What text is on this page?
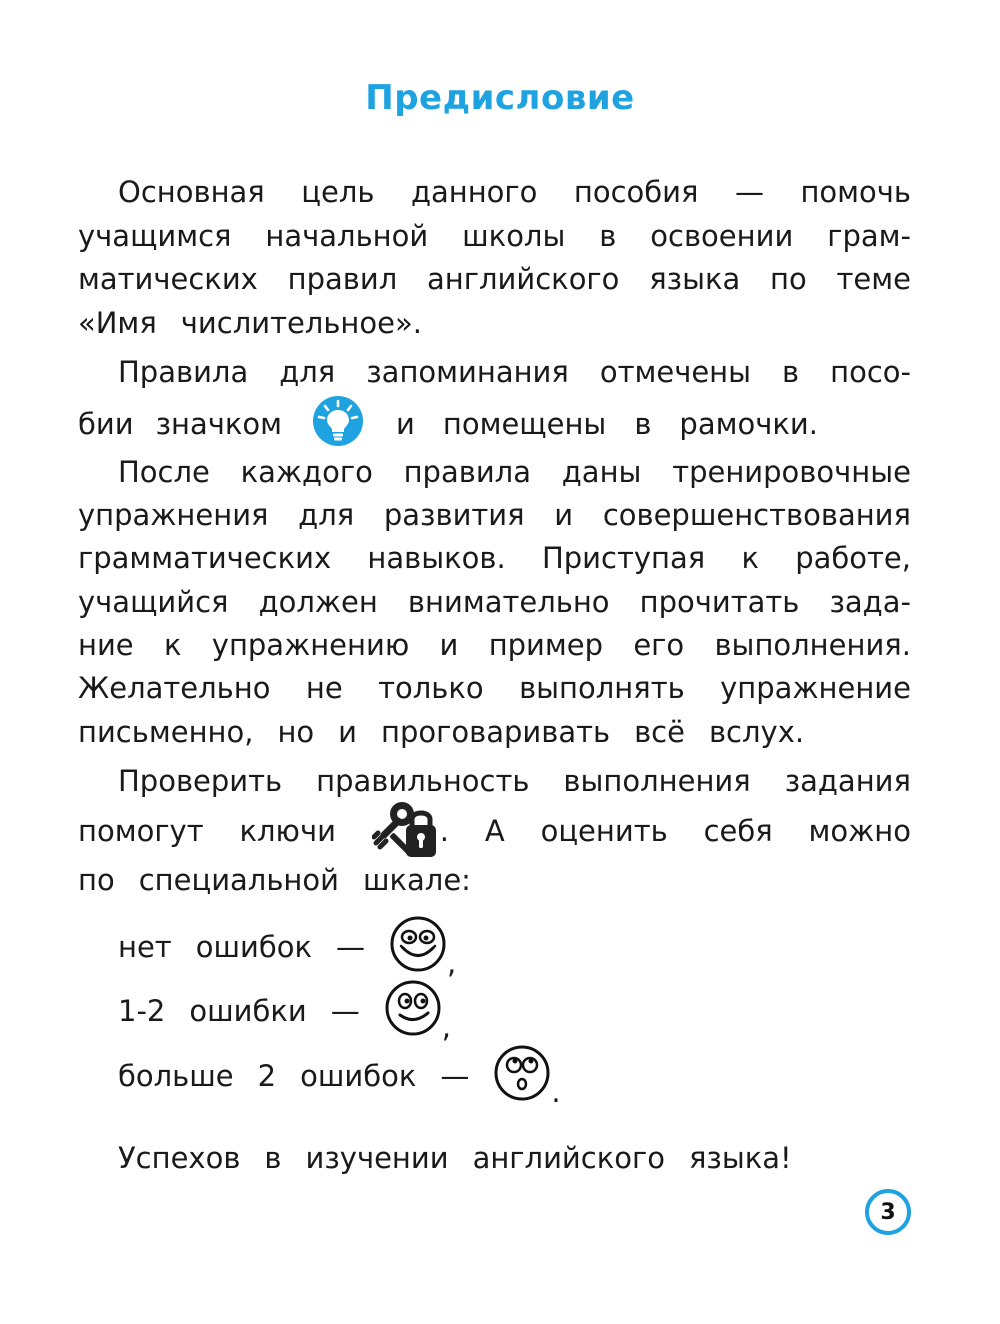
Предисловие
Основная цель данного пособия — помочь
учащимся начальной школы в освоении грам-
матических правил английского языка по теме
«Имя числительное».
Правила для запоминания отмечены в посо-
бии значком	и помещены в рамочки.
После каждого правила даны тренировочные
упражнения для развития и совершенствования
грамматических навыков. Приступая к работе,
учащийся должен внимательно прочитать зада-
ние к упражнению и пример его выполнения.
Желательно не только выполнять упражнение
письменно, но и проговаривать всё вслух.
Проверить правильность выполнения задания
помогут ключи	. А оценить себя можно
по специальной шкале:
нет ошибок —	,
1-2 ошибки —	,
больше 2 ошибок —	.
Успехов в изучении английского языка!
3
